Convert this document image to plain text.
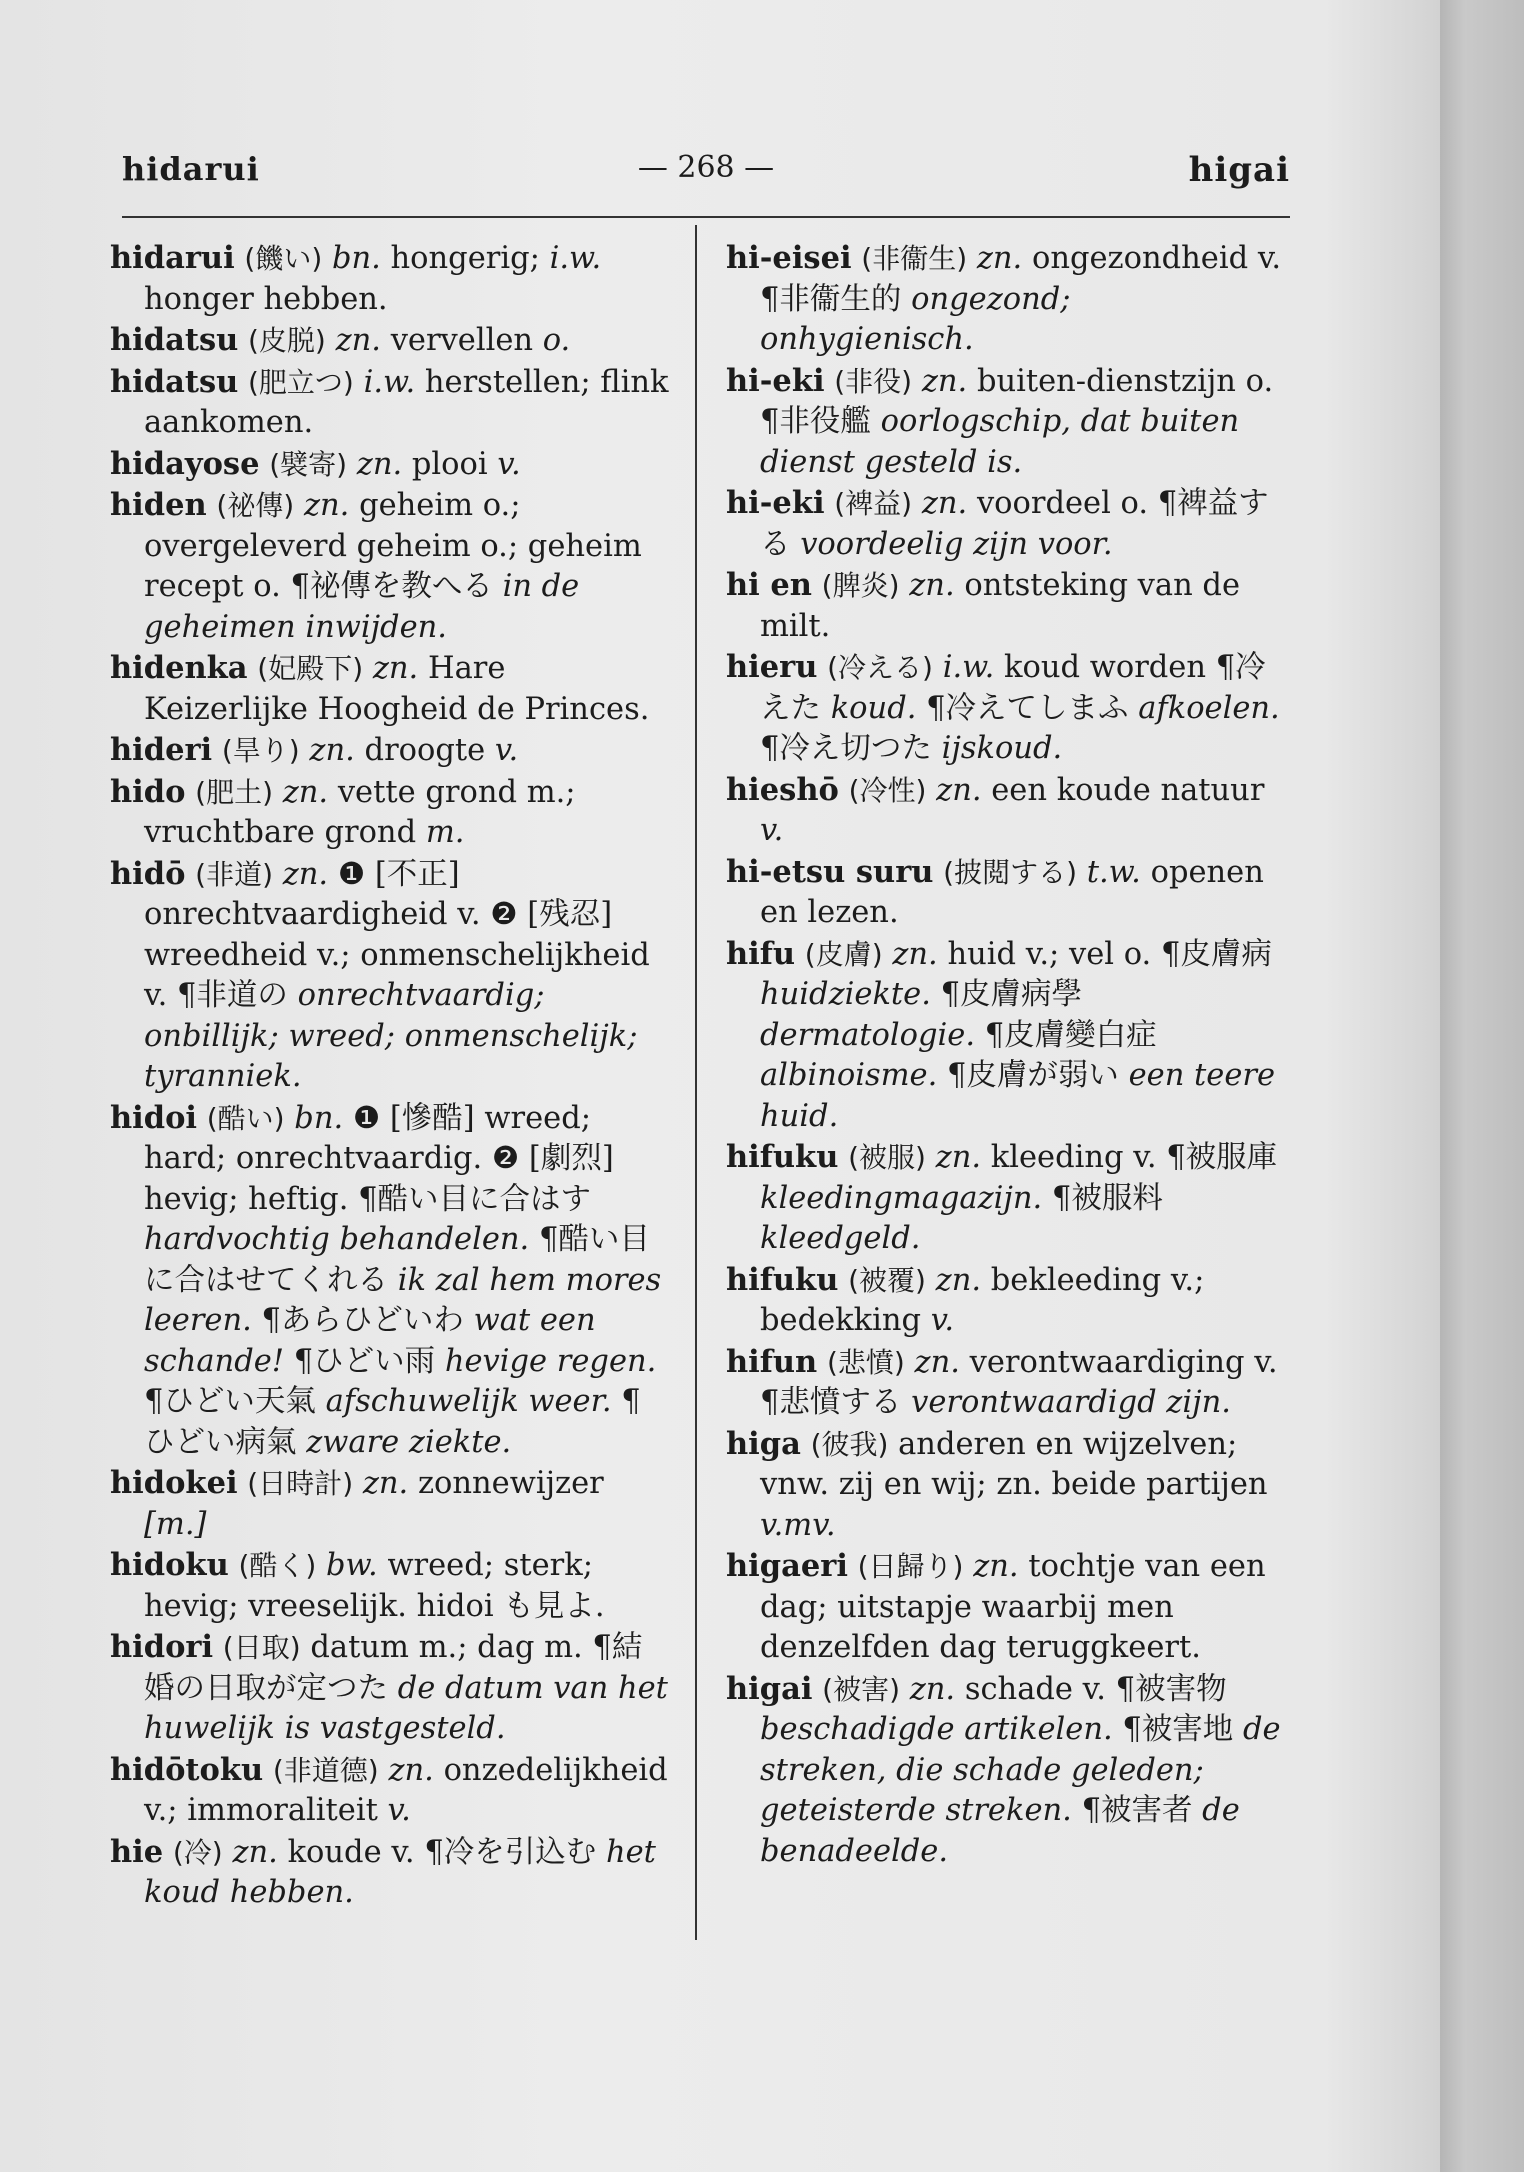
hidarui	— 268 —	higai

hidarui (饑い) bn. hongerig; i.w. honger hebben.

hidatsu (皮脱) zn. vervellen o.

hidatsu (肥立つ) i.w. herstellen; flink aankomen.

hidayose (襞寄) zn. plooi v.

hiden (祕傳) zn. geheim o.; overgeleverd geheim o.; geheim recept o. ¶祕傳を教へる in de geheimen inwijden.

hidenka (妃殿下) zn. Hare Keizerlijke Hoogheid de Princes.

hideri (旱り) zn. droogte v.

hido (肥土) zn. vette grond m.; vruchtbare grond m.

hidō (非道) zn. ❶ [不正] onrechtvaardigheid v. ❷ [残忍] wreedheid v.; onmenschelijkheid v. ¶非道の onrechtvaardig; onbillijk; wreed; onmenschelijk; tyranniek.

hidoi (酷い) bn. ❶ [慘酷] wreed; hard; onrechtvaardig. ❷ [劇烈] hevig; heftig. ¶酷い目に合はす hardvochtig behandelen. ¶酷い目に合はせてくれる ik zal hem mores leeren. ¶あらひどいわ wat een schande! ¶ひどい雨 hevige regen. ¶ひどい天氣 afschuwelijk weer. ¶ひどい病氣 zware ziekte.

hidokei (日時計) zn. zonnewijzer [m.]

hidoku (酷く) bw. wreed; sterk; hevig; vreeselijk. hidoi も見よ.

hidori (日取) datum m.; dag m. ¶結婚の日取が定つた de datum van het huwelijk is vastgesteld.

hidōtoku (非道德) zn. onzedelijkheid v.; immoraliteit v.

hie (冷) zn. koude v. ¶冷を引込む het koud hebben.

hi-eisei (非衞生) zn. ongezondheid v. ¶非衞生的 ongezond; onhygienisch.

hi-eki (非役) zn. buiten-dienstzijn o. ¶非役艦 oorlogschip, dat buiten dienst gesteld is.

hi-eki (裨益) zn. voordeel o. ¶裨益する voordeelig zijn voor.

hi en (脾炎) zn. ontsteking van de milt.

hieru (冷える) i.w. koud worden ¶冷えた koud. ¶冷えてしまふ afkoelen. ¶冷え切つた ijskoud.

hieshō (冷性) zn. een koude natuur v.

hi-etsu suru (披閲する) t.w. openen en lezen.

hifu (皮膚) zn. huid v.; vel o. ¶皮膚病 huidziekte. ¶皮膚病學 dermatologie. ¶皮膚變白症 albinoisme. ¶皮膚が弱い een teere huid.

hifuku (被服) zn. kleeding v. ¶被服庫 kleedingmagazijn. ¶被服料 kleedgeld.

hifuku (被覆) zn. bekleeding v.; bedekking v.

hifun (悲憤) zn. verontwaardiging v. ¶悲憤する verontwaardigd zijn.

higa (彼我) anderen en wijzelven; vnw. zij en wij; zn. beide partijen v.mv.

higaeri (日歸り) zn. tochtje van een dag; uitstapje waarbij men denzelfden dag teruggkeert.

higai (被害) zn. schade v. ¶被害物 beschadigde artikelen. ¶被害地 de streken, die schade geleden; geteisterde streken. ¶被害者 de benadeelde.
